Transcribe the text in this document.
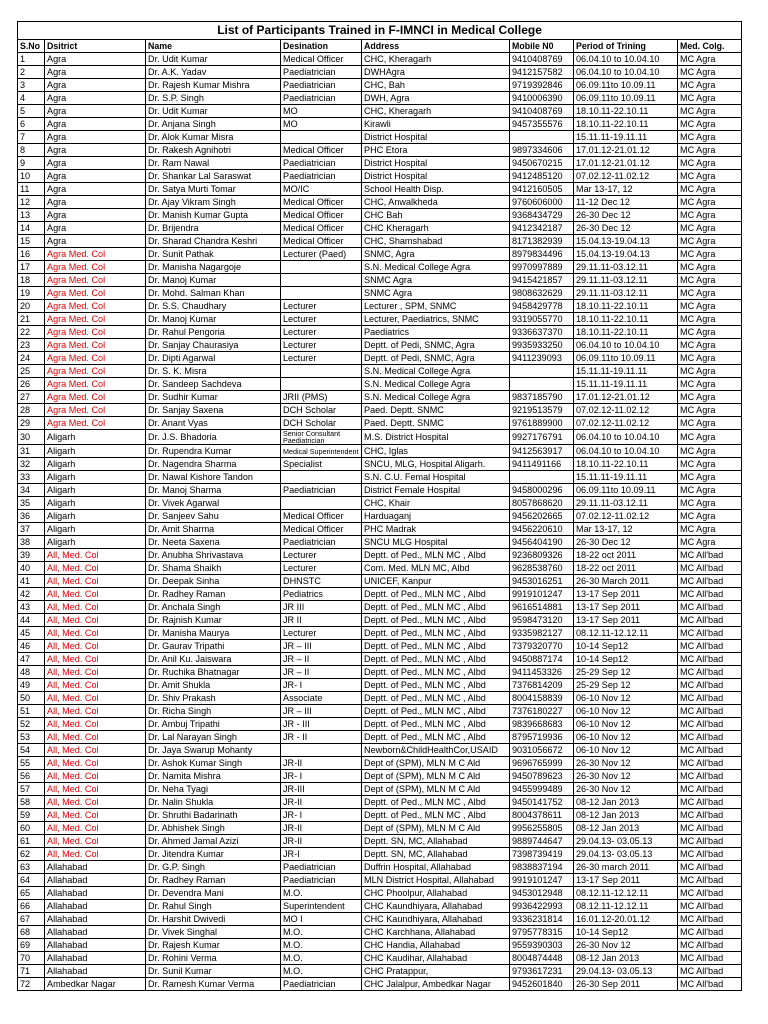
List of Participants Trained in F-IMNCI in Medical College							
S.No	Dsitrict	Name	Desination	Address	Mobile N0	Period of Trining	Med. Colg.
1	Agra	Dr. Udit Kumar	Medical Officer	CHC, Kheragarh	9410408769	06.04.10 to 10.04.10	MC Agra
2	Agra	Dr. A.K. Yadav	Paediatrician	DWHAgra	9412157582	06.04.10 to 10.04.10	MC Agra
3	Agra	Dr. Rajesh Kumar Mishra	Paediatrician	CHC, Bah	9719392846	06.09.11to 10.09.11	MC Agra
4	Agra	Dr. S.P. Singh	Paediatrician	DWH, Agra	9410006390	06.09.11to 10.09.11	MC Agra
5	Agra	Dr. Udit Kumar	MO	CHC, Kheragarh	9410408769	18.10.11-22.10.11	MC Agra
6	Agra	Dr. Anjana Singh	MO	Kirawli	9457355576	18.10.11-22.10.11	MC Agra
7	Agra	Dr. Alok Kumar Misra		District Hospital		15.11.11-19.11.11	MC Agra
8	Agra	Dr. Rakesh Agnihotri	Medical Officer	PHC Etora	9897334606	17.01.12-21.01.12	MC Agra
9	Agra	Dr. Ram Nawal	Paediatrician	District Hospital	9450670215	17.01.12-21.01.12	MC Agra
10	Agra	Dr. Shankar Lal Saraswat	Paediatrician	District Hospital	9412485120	07.02.12-11.02.12	MC Agra
11	Agra	Dr. Satya Murti Tomar	MO/IC	School Health Disp.	9412160505	Mar 13-17, 12	MC Agra
12	Agra	Dr. Ajay Vikram Singh	Medical Officer	CHC, Anwalkheda	9760606000	11-12 Dec 12	MC Agra
13	Agra	Dr. Manish Kumar Gupta	Medical Officer	CHC Bah	9368434729	26-30 Dec 12	MC Agra
14	Agra	Dr. Brijendra	Medical Officer	CHC Kheragarh	9412342187	26-30 Dec 12	MC Agra
15	Agra	Dr. Sharad Chandra Keshri	Medical Officer	CHC, Shamshabad	8171382939	15.04.13-19.04.13	MC Agra
16	Agra Med. Col	Dr. Sunit Pathak	Lecturer (Paed)	SNMC, Agra	8979834496	15.04.13-19.04.13	MC Agra
17	Agra Med. Col	Dr. Manisha Nagargoje		S.N. Medical College Agra	9970997889	29.11.11-03.12.11	MC Agra
18	Agra Med. Col	Dr. Manoj Kumar		SNMC Agra	9415421857	29.11.11-03.12.11	MC Agra
19	Agra Med. Col	Dr. Mohd. Salman Khan		SNMC Agra	9808632629	29.11.11-03.12.11	MC Agra
20	Agra Med. Col	Dr. S.S. Chaudhary	Lecturer	Lecturer , SPM, SNMC	9458429778	18.10.11-22.10.11	MC Agra
21	Agra Med. Col	Dr. Manoj Kumar	Lecturer	Lecturer, Paediatrics, SNMC	9319055770	18.10.11-22.10.11	MC Agra
22	Agra Med. Col	Dr. Rahul Pengoria	Lecturer	Paediatrics	9336637370	18.10.11-22.10.11	MC Agra
23	Agra Med. Col	Dr. Sanjay Chaurasiya	Lecturer	Deptt. of Pedi, SNMC, Agra	9935933250	06.04.10 to 10.04.10	MC Agra
24	Agra Med. Col	Dr. Dipti Agarwal	Lecturer	Deptt. of Pedi, SNMC, Agra	9411239093	06.09.11to 10.09.11	MC Agra
25	Agra Med. Col	Dr. S. K. Misra		S.N. Medical College Agra		15.11.11-19.11.11	MC Agra
26	Agra Med. Col	Dr. Sandeep Sachdeva		S.N. Medical College Agra		15.11.11-19.11.11	MC Agra
27	Agra Med. Col	Dr. Sudhir Kumar	JRII (PMS)	S.N. Medical College Agra	9837185790	17.01.12-21.01.12	MC Agra
28	Agra Med. Col	Dr. Sanjay Saxena	DCH Scholar	Paed. Deptt. SNMC	9219513579	07.02.12-11.02.12	MC Agra
29	Agra Med. Col	Dr. Anant Vyas	DCH Scholar	Paed. Deptt. SNMC	9761889900	07.02.12-11.02.12	MC Agra
30	Aligarh	Dr. J.S. Bhadoria	Senior Consultant Paediatrician	M.S. District Hospital	9927176791	06.04.10 to 10.04.10	MC Agra
31	Aligarh	Dr. Rupendra Kumar	Medical Superintendent	CHC, Iglas	9412563917	06.04.10 to 10.04.10	MC Agra
32	Aligarh	Dr. Nagendra Sharma	Specialist	SNCU, MLG, Hospital Aligarh.	9411491166	18.10.11-22.10.11	MC Agra
33	Aligarh	Dr. Nawal Kishore Tandon		S.N. C.U. Femal Hospital		15.11.11-19.11.11	MC Agra
34	Aligarh	Dr. Manoj Sharma	Paediatrician	District Female Hospital	9458000296	06.09.11to 10.09.11	MC Agra
35	Aligarh	Dr. Vivek Agarwal		CHC, Khair	8057868620	29.11.11-03.12.11	MC Agra
36	Aligarh	Dr. Sanjeev Sahu	Medical Officer	Harduaganj	9456202665	07.02.12-11.02.12	MC Agra
37	Aligarh	Dr. Amit Sharma	Medical Officer	PHC Madrak	9456220610	Mar 13-17, 12	MC Agra
38	Aligarh	Dr. Neeta Saxena	Paediatrician	SNCU MLG Hospital	9456404190	26-30 Dec 12	MC Agra
39	All, Med. Col	Dr. Anubha Shrivastava	Lecturer	Deptt. of Ped., MLN MC , Albd	9236809326	18-22 oct 2011	MC All'bad
40	All, Med. Col	Dr. Shama Shaikh	Lecturer	Com. Med. MLN MC, Albd	9628538760	18-22 oct 2011	MC All'bad
41	All, Med. Col	Dr. Deepak Sinha	DHNSTC	UNICEF, Kanpur	9453016251	26-30 March 2011	MC All'bad
42	All, Med. Col	Dr. Radhey Raman	Pediatrics	Deptt. of Ped., MLN MC , Albd	9919101247	13-17 Sep 2011	MC All'bad
43	All, Med. Col	Dr. Anchala Singh	JR III	Deptt. of Ped., MLN MC , Albd	9616514881	13-17 Sep 2011	MC All'bad
44	All, Med. Col	Dr. Rajnish Kumar	JR II	Deptt. of Ped., MLN MC , Albd	9598473120	13-17 Sep 2011	MC All'bad
45	All, Med. Col	Dr. Manisha Maurya	Lecturer	Deptt. of Ped., MLN MC , Albd	9335982127	08.12.11-12.12.11	MC All'bad
46	All, Med. Col	Dr. Gaurav Tripathi	JR – III	Deptt. of Ped., MLN MC , Albd	7379320770	10-14 Sep12	MC All'bad
47	All, Med. Col	Dr. Anil Ku. Jaiswara	JR – II	Deptt. of Ped., MLN MC , Albd	9450887174	10-14 Sep12	MC All'bad
48	All, Med. Col	Dr. Ruchika Bhatnagar	JR – II	Deptt. of Ped., MLN MC , Albd	9411453326	25-29 Sep 12	MC All'bad
49	All, Med. Col	Dr. Amit Shukla	JR- I	Deptt. of Ped., MLN MC , Albd	7376814209	25-29 Sep 12	MC All'bad
50	All, Med. Col	Dr. Shiv Prakash	Associate	Deptt. of Ped., MLN MC , Albd	8004158839	06-10 Nov 12	MC All'bad
51	All, Med. Col	Dr. Richa Singh	JR – III	Deptt. of Ped., MLN MC , Albd	7376180227	06-10 Nov 12	MC All'bad
52	All, Med. Col	Dr. Ambuj Tripathi	JR - III	Deptt. of Ped., MLN MC , Albd	9839668683	06-10 Nov 12	MC All'bad
53	All, Med. Col	Dr. Lal Narayan Singh	JR - II	Deptt. of Ped., MLN MC , Albd	8795719936	06-10 Nov 12	MC All'bad
54	All, Med. Col	Dr. Jaya Swarup Mohanty		Newborn&ChildHealthCor,USAID	9031056672	06-10 Nov 12	MC All'bad
55	All, Med. Col	Dr. Ashok Kumar Singh	JR-II	Dept of (SPM), MLN M C Ald	9696765999	26-30 Nov 12	MC All'bad
56	All, Med. Col	Dr. Namita Mishra	JR- I	Dept of (SPM), MLN M C Ald	9450789623	26-30 Nov 12	MC All'bad
57	All, Med. Col	Dr. Neha Tyagi	JR-III	Dept of (SPM), MLN M C Ald	9455999489	26-30 Nov 12	MC All'bad
58	All, Med. Col	Dr. Nalin Shukla	JR-II	Deptt. of Ped., MLN MC , Albd	9450141752	08-12 Jan 2013	MC All'bad
59	All, Med. Col	Dr. Shruthi Badarinath	JR- I	Deptt. of Ped., MLN MC , Albd	8004378611	08-12 Jan 2013	MC All'bad
60	All, Med. Col	Dr. Abhishek Singh	JR-II	Dept of (SPM), MLN M C Ald	9956255805	08-12 Jan 2013	MC All'bad
61	All, Med. Col	Dr. Ahmed Jamal Azizi	JR-II	Deptt. SN, MC, Allahabad	9889744647	29.04.13- 03.05.13	MC All'bad
62	All, Med. Col	Dr. Jitendra Kumar	JR-I	Deptt. SN, MC, Allahabad	7398739419	29.04.13- 03.05.13	MC All'bad
63	Allahabad	Dr. G.P. Singh	Paediatrician	Duffrin Hospital, Allahabad	9838837194	26-30 march 2011	MC All'bad
64	Allahabad	Dr. Radhey Raman	Paediatrician	MLN District Hospital, Allahabad	9919101247	13-17 Sep 2011	MC All'bad
65	Allahabad	Dr. Devendra Mani	M.O.	CHC Phoolpur, Allahabad	9453012948	08.12.11-12.12.11	MC All'bad
66	Allahabad	Dr. Rahul Singh	Superintendent	CHC Kaundhiyara, Allahabad	9936422993	08.12.11-12.12.11	MC All'bad
67	Allahabad	Dr. Harshit Dwivedi	MO I	CHC Kaundhiyara, Allahabad	9336231814	16.01.12-20.01.12	MC All'bad
68	Allahabad	Dr. Vivek Singhal	M.O.	CHC Karchhana, Allahabad	9795778315	10-14 Sep12	MC All'bad
69	Allahabad	Dr. Rajesh Kumar	M.O.	CHC Handia, Allahabad	9559390303	26-30 Nov 12	MC All'bad
70	Allahabad	Dr. Rohini Verma	M.O.	CHC Kaudihar, Allahabad	8004874448	08-12 Jan 2013	MC All'bad
71	Allahabad	Dr. Sunil Kumar	M.O.	CHC Pratappur,	9793617231	29.04.13- 03.05.13	MC All'bad
72	Ambedkar Nagar	Dr. Ramesh Kumar Verma	Paediatrician	CHC Jalalpur, Ambedkar Nagar	9452601840	26-30 Sep 2011	MC All'bad
